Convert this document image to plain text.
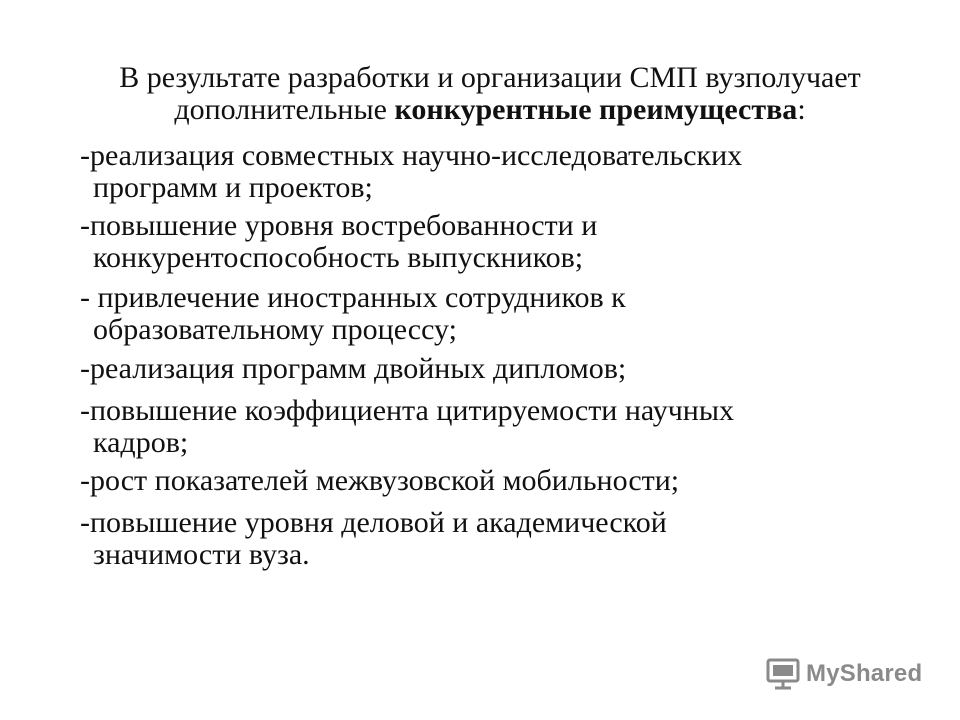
В результате разработки и организации СМП вузполучает
дополнительные конкурентные преимущества:
-реализация совместных научно-исследовательских
программ и проектов;
-повышение уровня востребованности и
конкурентоспособность выпускников;
- привлечение иностранных сотрудников к
образовательному процессу;
-реализация программ двойных дипломов;
-повышение коэффициента цитируемости научных
кадров;
-рост показателей межвузовской мобильности;
-повышение уровня деловой и академической
значимости вуза.
MyShared
